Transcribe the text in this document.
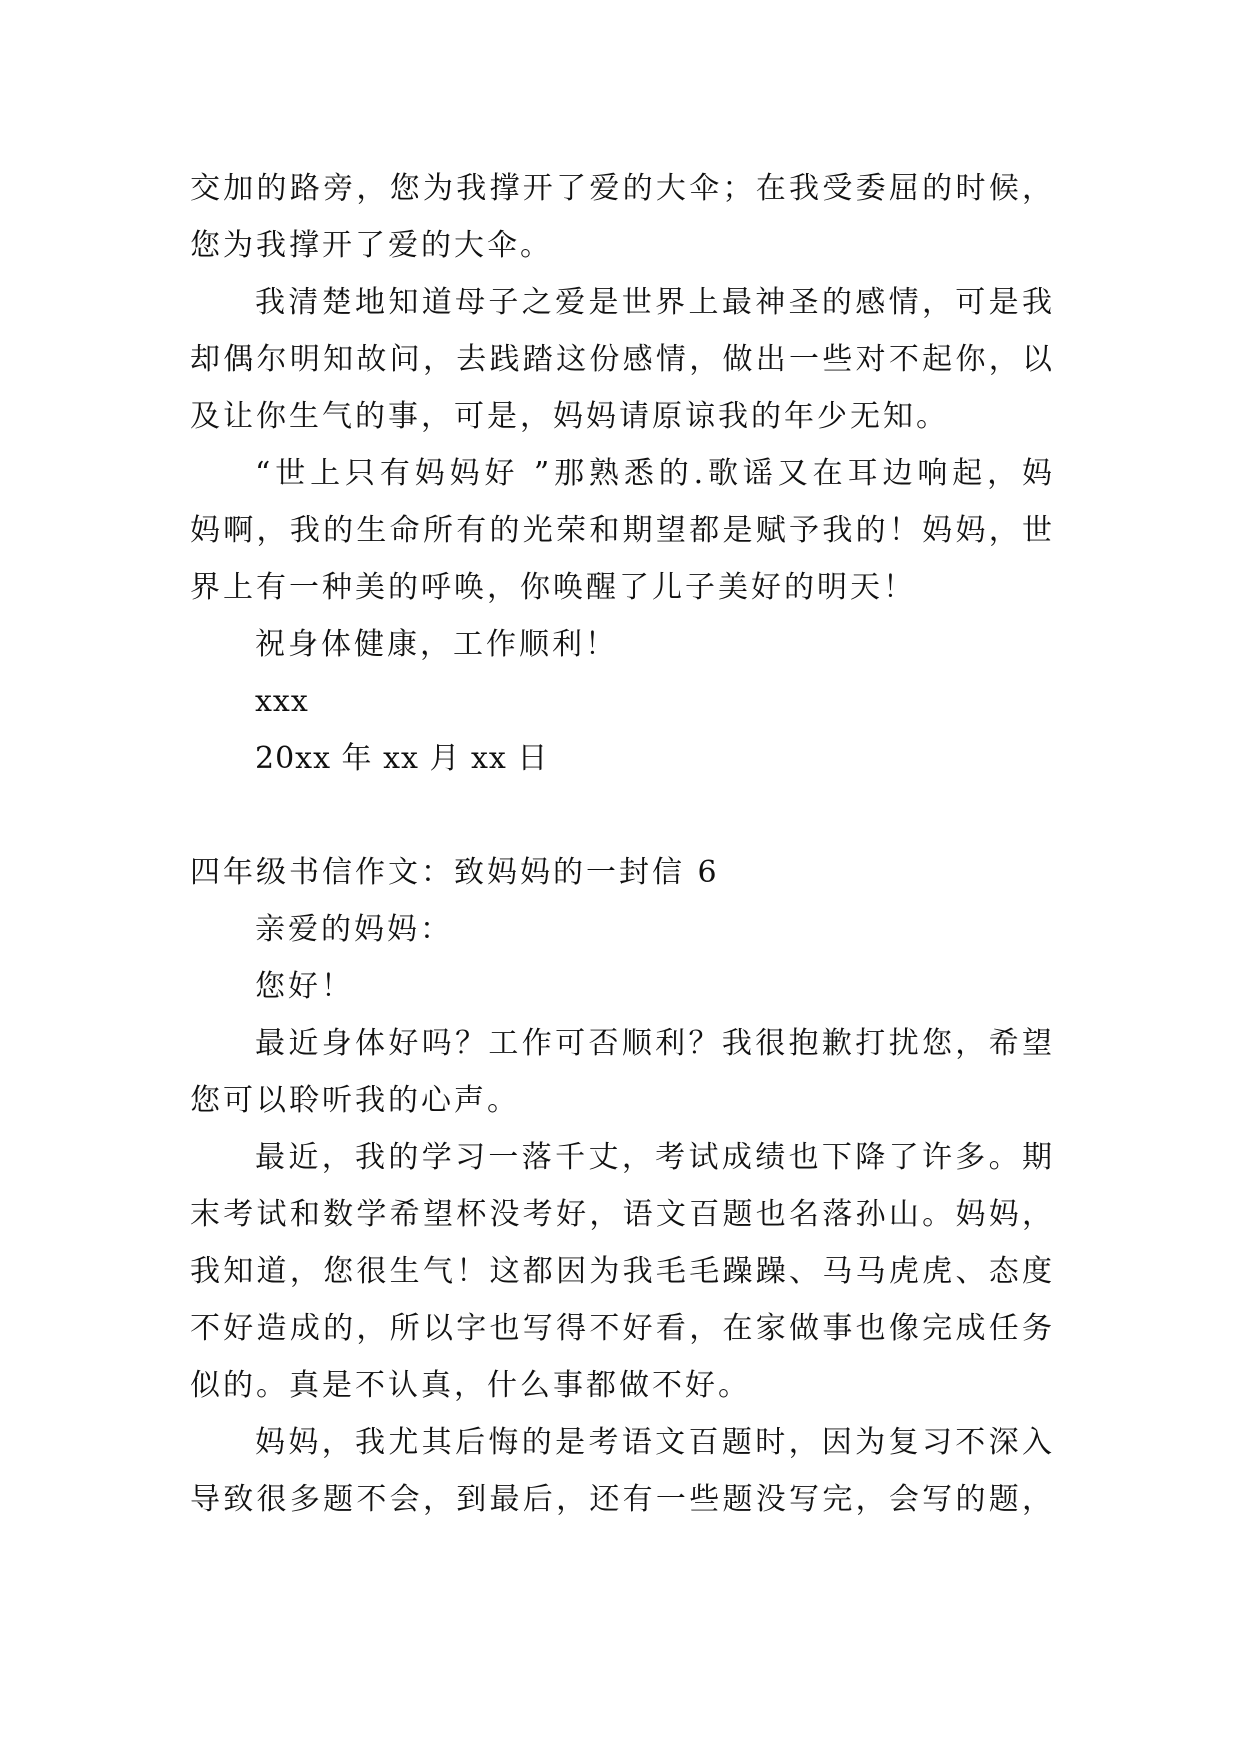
交加的路旁，您为我撑开了爱的大伞；在我受委屈的时候，
您为我撑开了爱的大伞。
我清楚地知道母子之爱是世界上最神圣的感情，可是我
却偶尔明知故问，去践踏这份感情，做出一些对不起你，以
及让你生气的事，可是，妈妈请原谅我的年少无知。
“世上只有妈妈好 ”那熟悉的.歌谣又在耳边响起，妈
妈啊，我的生命所有的光荣和期望都是赋予我的！妈妈，世
界上有一种美的呼唤，你唤醒了儿子美好的明天！
祝身体健康，工作顺利！
xxx
20xx 年 xx 月 xx 日
四年级书信作文：致妈妈的一封信 6
亲爱的妈妈：
您好！
最近身体好吗？工作可否顺利？我很抱歉打扰您，希望
您可以聆听我的心声。
最近，我的学习一落千丈，考试成绩也下降了许多。期
末考试和数学希望杯没考好，语文百题也名落孙山。妈妈，
我知道，您很生气！这都因为我毛毛躁躁、马马虎虎、态度
不好造成的，所以字也写得不好看，在家做事也像完成任务
似的。真是不认真，什么事都做不好。
妈妈，我尤其后悔的是考语文百题时，因为复习不深入
导致很多题不会，到最后，还有一些题没写完，会写的题，
